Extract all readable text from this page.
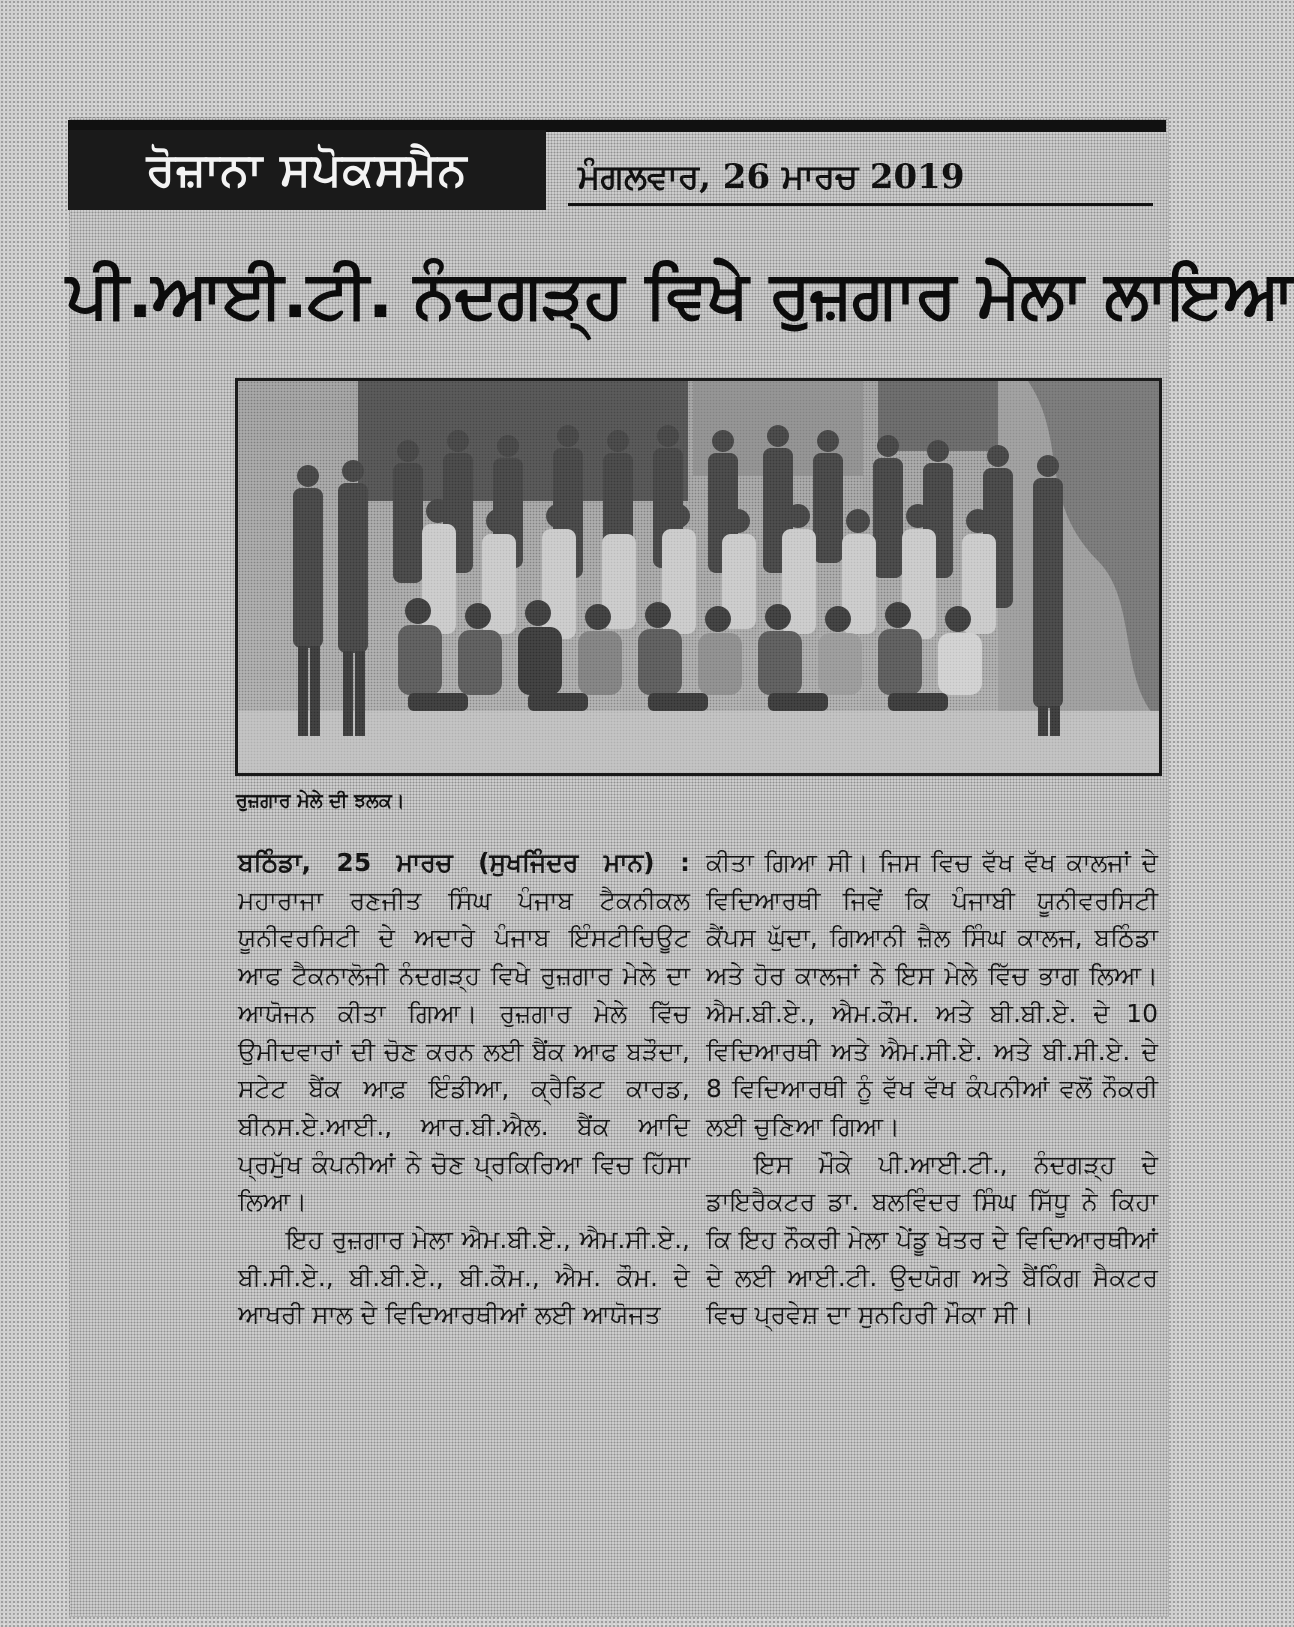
ਰੋਜ਼ਾਨਾ ਸਪੋਕਸਮੈਨ	ਮੰਗਲਵਾਰ, 26 ਮਾਰਚ 2019
ਪੀ.ਆਈ.ਟੀ. ਨੰਦਗੜ੍ਹ ਵਿਖੇ ਰੁਜ਼ਗਾਰ ਮੇਲਾ ਲਾਇਆ
ਰੁਜ਼ਗਾਰ ਮੇਲੇ ਦੀ ਝਲਕ।

ਬਠਿੰਡਾ, 25 ਮਾਰਚ (ਸੁਖਜਿੰਦਰ ਮਾਨ) : ਮਹਾਰਾਜਾ ਰਣਜੀਤ ਸਿੰਘ ਪੰਜਾਬ ਟੈਕਨੀਕਲ ਯੂਨੀਵਰਸਿਟੀ ਦੇ ਅਦਾਰੇ ਪੰਜਾਬ ਇੰਸਟੀਚਿਊਟ ਆਫ ਟੈਕਨਾਲੋਜੀ ਨੰਦਗੜ੍ਹ ਵਿਖੇ ਰੁਜ਼ਗਾਰ ਮੇਲੇ ਦਾ ਆਯੋਜਨ ਕੀਤਾ ਗਿਆ। ਰੁਜ਼ਗਾਰ ਮੇਲੇ ਵਿੱਚ ਉਮੀਦਵਾਰਾਂ ਦੀ ਚੋਣ ਕਰਨ ਲਈ ਬੈਂਕ ਆਫ ਬੜੌਦਾ, ਸਟੇਟ ਬੈਂਕ ਆਫ਼ ਇੰਡੀਆ, ਕ੍ਰੈਡਿਟ ਕਾਰਡ, ਬੀਨਸ.ਏ.ਆਈ., ਆਰ.ਬੀ.ਐਲ. ਬੈਂਕ ਆਦਿ ਪ੍ਰਮੁੱਖ ਕੰਪਨੀਆਂ ਨੇ ਚੋਣ ਪ੍ਰਕਿਰਿਆ ਵਿਚ ਹਿੱਸਾ ਲਿਆ।

ਇਹ ਰੁਜ਼ਗਾਰ ਮੇਲਾ ਐਮ.ਬੀ.ਏ., ਐਮ.ਸੀ.ਏ., ਬੀ.ਸੀ.ਏ., ਬੀ.ਬੀ.ਏ., ਬੀ.ਕੌਮ., ਐਮ. ਕੌਮ. ਦੇ ਆਖਰੀ ਸਾਲ ਦੇ ਵਿਦਿਆਰਥੀਆਂ ਲਈ ਆਯੋਜਤ

ਕੀਤਾ ਗਿਆ ਸੀ। ਜਿਸ ਵਿਚ ਵੱਖ ਵੱਖ ਕਾਲਜਾਂ ਦੇ ਵਿਦਿਆਰਥੀ ਜਿਵੇਂ ਕਿ ਪੰਜਾਬੀ ਯੂਨੀਵਰਸਿਟੀ ਕੈਂਪਸ ਘੁੱਦਾ, ਗਿਆਨੀ ਜ਼ੈਲ ਸਿੰਘ ਕਾਲਜ, ਬਠਿੰਡਾ ਅਤੇ ਹੋਰ ਕਾਲਜਾਂ ਨੇ ਇਸ ਮੇਲੇ ਵਿੱਚ ਭਾਗ ਲਿਆ। ਐਮ.ਬੀ.ਏ., ਐਮ.ਕੌਮ. ਅਤੇ ਬੀ.ਬੀ.ਏ. ਦੇ 10 ਵਿਦਿਆਰਥੀ ਅਤੇ ਐਮ.ਸੀ.ਏ. ਅਤੇ ਬੀ.ਸੀ.ਏ. ਦੇ 8 ਵਿਦਿਆਰਥੀ ਨੂੰ ਵੱਖ ਵੱਖ ਕੰਪਨੀਆਂ ਵਲੋਂ ਨੌਕਰੀ ਲਈ ਚੁਣਿਆ ਗਿਆ।

ਇਸ ਮੌਕੇ ਪੀ.ਆਈ.ਟੀ., ਨੰਦਗੜ੍ਹ ਦੇ ਡਾਇਰੈਕਟਰ ਡਾ. ਬਲਵਿੰਦਰ ਸਿੰਘ ਸਿੱਧੂ ਨੇ ਕਿਹਾ ਕਿ ਇਹ ਨੌਕਰੀ ਮੇਲਾ ਪੇਂਡੂ ਖੇਤਰ ਦੇ ਵਿਦਿਆਰਥੀਆਂ ਦੇ ਲਈ ਆਈ.ਟੀ. ਉਦਯੋਗ ਅਤੇ ਬੈਂਕਿੰਗ ਸੈਕਟਰ ਵਿਚ ਪ੍ਰਵੇਸ਼ ਦਾ ਸੁਨਹਿਰੀ ਮੌਕਾ ਸੀ।
